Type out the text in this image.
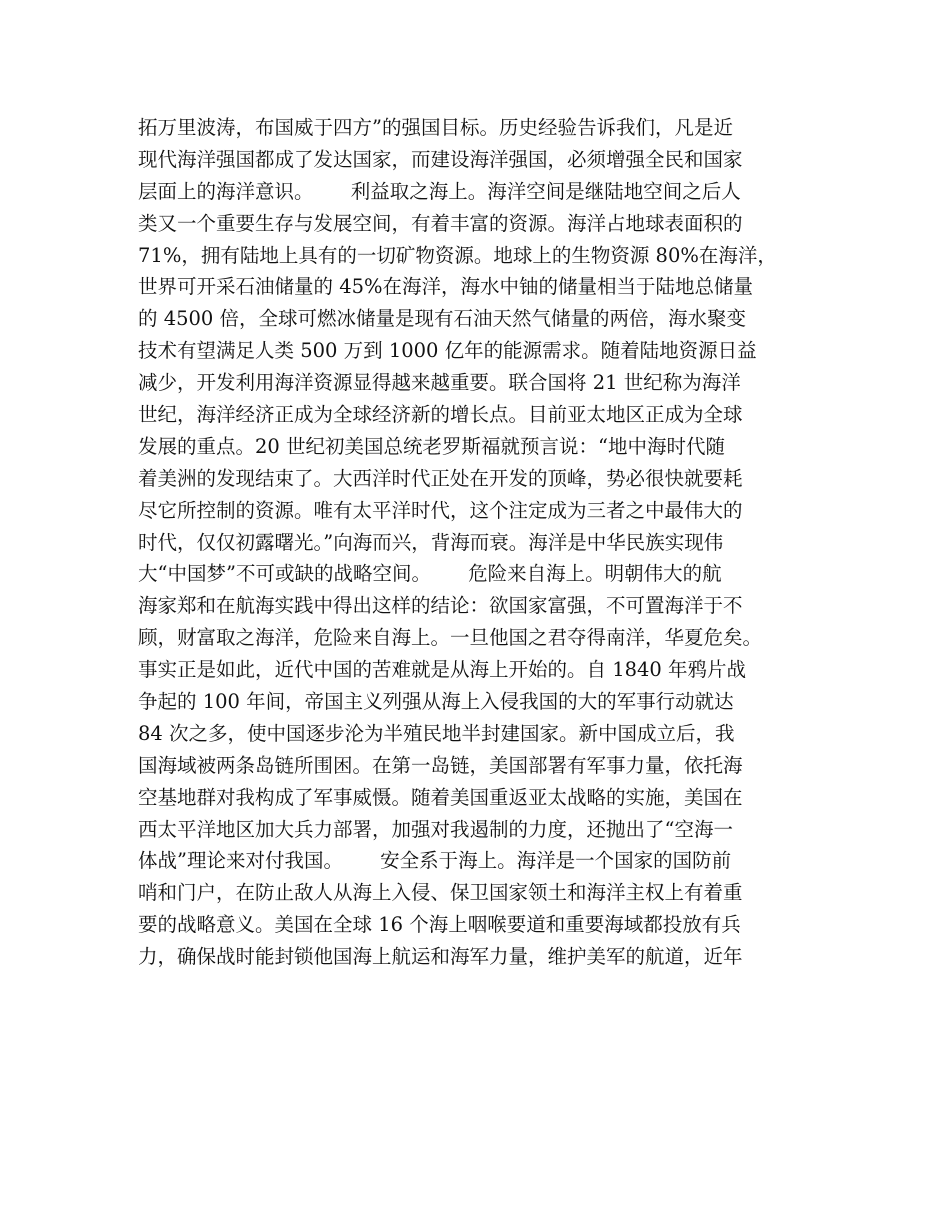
拓万里波涛，布国威于四方”的强国目标。历史经验告诉我们，凡是近
现代海洋强国都成了发达国家，而建设海洋强国，必须增强全民和国家
层面上的海洋意识。      利益取之海上。海洋空间是继陆地空间之后人
类又一个重要生存与发展空间，有着丰富的资源。海洋占地球表面积的
71%，拥有陆地上具有的一切矿物资源。地球上的生物资源 80%在海洋，
世界可开采石油储量的 45%在海洋，海水中铀的储量相当于陆地总储量
的 4500 倍，全球可燃冰储量是现有石油天然气储量的两倍，海水聚变
技术有望满足人类 500 万到 1000 亿年的能源需求。随着陆地资源日益
减少，开发利用海洋资源显得越来越重要。联合国将 21 世纪称为海洋
世纪，海洋经济正成为全球经济新的增长点。目前亚太地区正成为全球
发展的重点。20 世纪初美国总统老罗斯福就预言说：“地中海时代随
着美洲的发现结束了。大西洋时代正处在开发的顶峰，势必很快就要耗
尽它所控制的资源。唯有太平洋时代，这个注定成为三者之中最伟大的
时代，仅仅初露曙光。”向海而兴，背海而衰。海洋是中华民族实现伟
大“中国梦”不可或缺的战略空间。      危险来自海上。明朝伟大的航
海家郑和在航海实践中得出这样的结论：欲国家富强，不可置海洋于不
顾，财富取之海洋，危险来自海上。一旦他国之君夺得南洋，华夏危矣。
事实正是如此，近代中国的苦难就是从海上开始的。自 1840 年鸦片战
争起的 100 年间，帝国主义列强从海上入侵我国的大的军事行动就达
84 次之多，使中国逐步沦为半殖民地半封建国家。新中国成立后，我
国海域被两条岛链所围困。在第一岛链，美国部署有军事力量，依托海
空基地群对我构成了军事威慑。随着美国重返亚太战略的实施，美国在
西太平洋地区加大兵力部署，加强对我遏制的力度，还抛出了“空海一
体战”理论来对付我国。      安全系于海上。海洋是一个国家的国防前
哨和门户，在防止敌人从海上入侵、保卫国家领土和海洋主权上有着重
要的战略意义。美国在全球 16 个海上咽喉要道和重要海域都投放有兵
力，确保战时能封锁他国海上航运和海军力量，维护美军的航道，近年
